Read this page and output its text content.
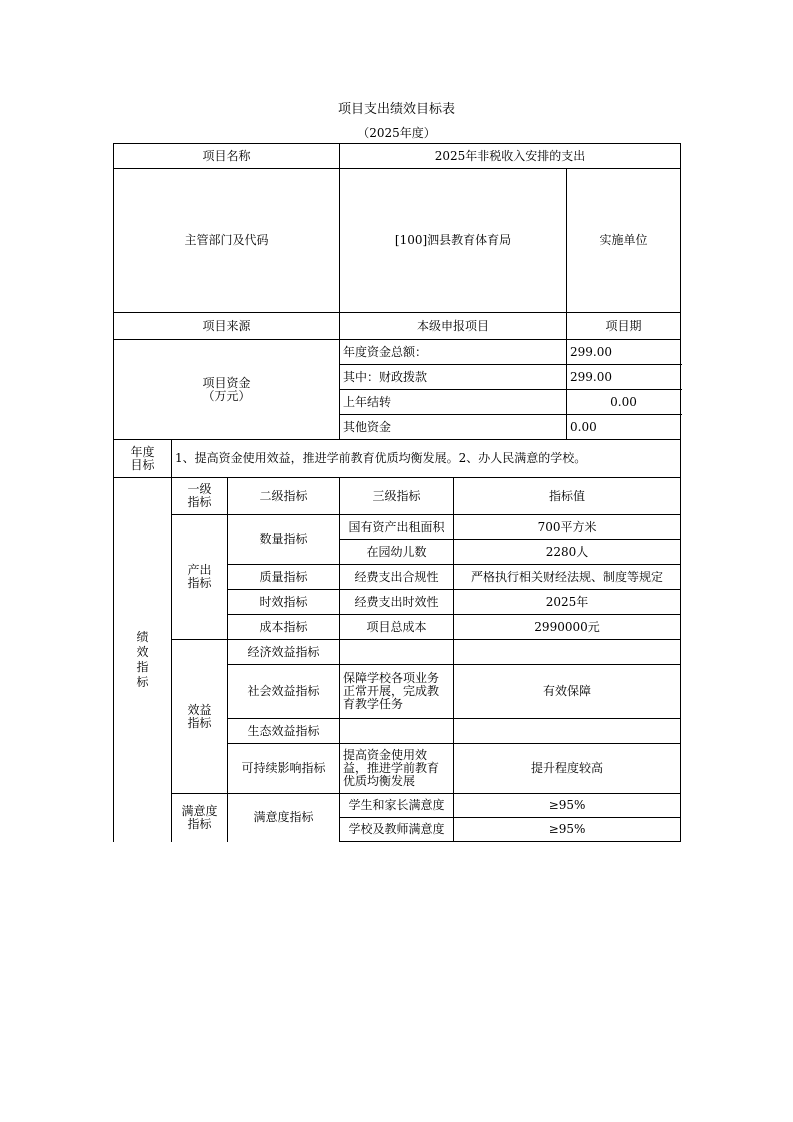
项目支出绩效目标表
（2025年度）
项目名称			2025年非税收入安排的支出			
主管部门及代码			[100]泗县教育体育局		实施单位	
项目来源			本级申报项目		项目期	
项目资金（万元）			年度资金总额：		299.00	
			其中：财政拨款		299.00	
			上年结转		0.00	
			其他资金		0.00	
年度目标	1、提高资金使用效益，推进学前教育优质均衡发展。2、办人民满意的学校。					
绩效指标	一级指标	二级指标	三级指标	指标值		
	产出指标	数量指标	国有资产出租面积	700平方米		
			在园幼儿数	2280人		
		质量指标	经费支出合规性	严格执行相关财经法规、制度等规定		
		时效指标	经费支出时效性	2025年		
		成本指标	项目总成本	2990000元		
	效益指标	经济效益指标				
		社会效益指标	保障学校各项业务正常开展，完成教育教学任务	有效保障		
		生态效益指标				
		可持续影响指标	提高资金使用效益，推进学前教育优质均衡发展	提升程度较高		
	满意度指标	满意度指标	学生和家长满意度	≥95%		
			学校及教师满意度	≥95%		
